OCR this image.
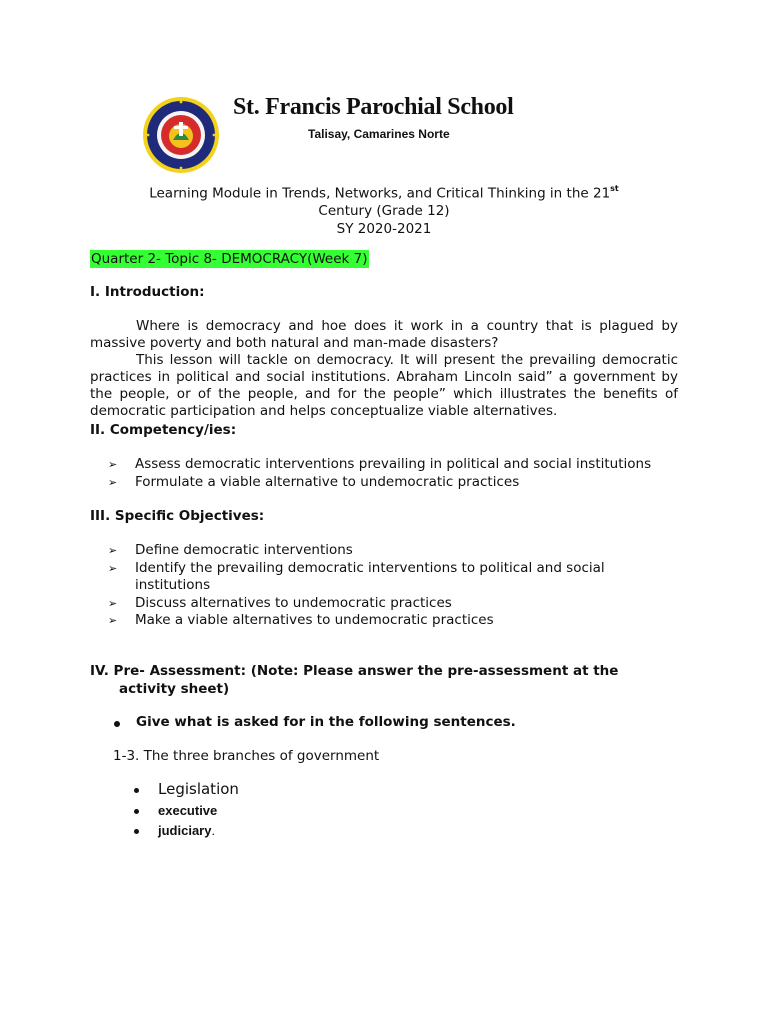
St. Francis Parochial School
Talisay, Camarines Norte
Learning Module in Trends, Networks, and Critical Thinking in the 21st
Century (Grade 12)
SY 2020-2021
Quarter 2- Topic 8- DEMOCRACY(Week 7)
I. Introduction:
Where is democracy and hoe does it work in a country that is plagued by massive poverty and both natural and man-made disasters?
This lesson will tackle on democracy. It will present the prevailing democratic practices in political and social institutions. Abraham Lincoln said” a government by the people, or of the people, and for the people” which illustrates the benefits of democratic participation and helps conceptualize viable alternatives.
II. Competency/ies:
➢ Assess democratic interventions prevailing in political and social institutions
➢ Formulate a viable alternative to undemocratic practices
III. Specific Objectives:
➢ Define democratic interventions
➢ Identify the prevailing democratic interventions to political and social institutions
➢ Discuss alternatives to undemocratic practices
➢ Make a viable alternatives to undemocratic practices
IV. Pre- Assessment: (Note: Please answer the pre-assessment at the
activity sheet)
Give what is asked for in the following sentences.
1-3. The three branches of government
Legislation
executive
judiciary.
